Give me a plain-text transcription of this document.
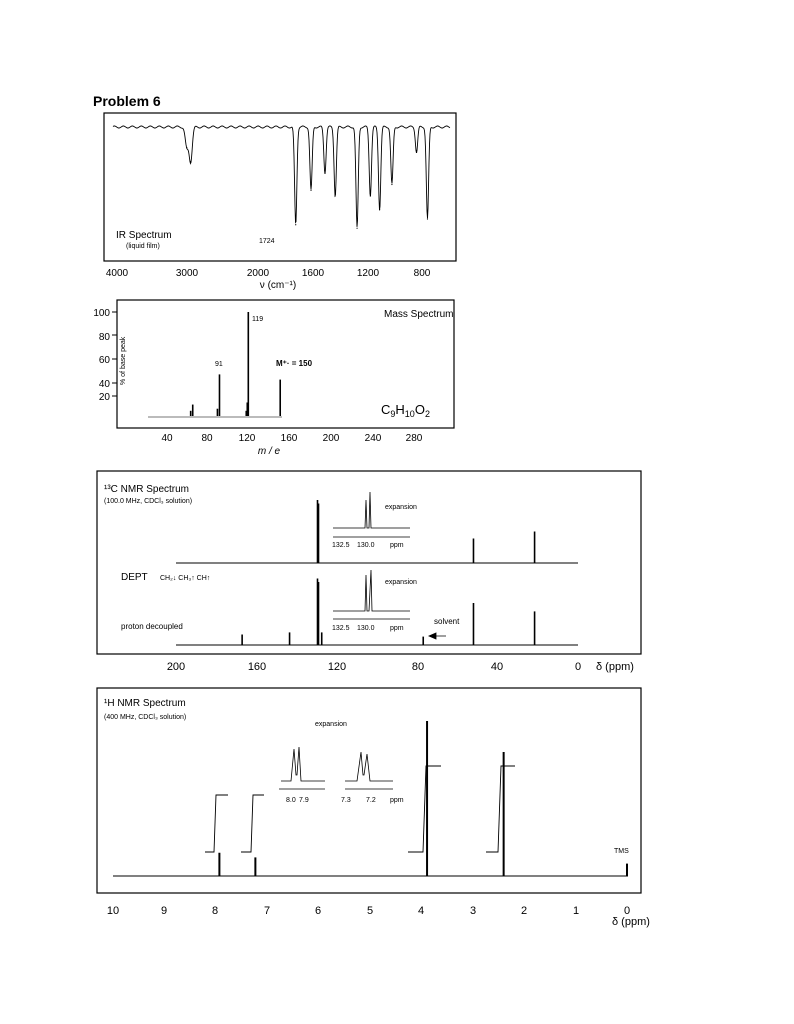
Problem 6
IR Spectrum
(liquid film)
1724
4000	3000	2000	1600	1200	800
ν (cm⁻¹)
100
80
60
40
20
% of base peak
Mass Spectrum
119
91	M⁺· = 150
$C_9H_{10}O_2$
40	80	120	160	200	240 280
m / e
¹³C NMR Spectrum
(100.0 MHz, CDCl₃ solution)
DEPT CH₂↓ CH₃↑ CH↑
proton decoupled
expansion
132.5 130.0 ppm
expansion
132.5 130.0 ppm
solvent
200	160	120	80	40	0 δ (ppm)
¹H NMR Spectrum
(400 MHz, CDCl₃ solution)
expansion
8.0 7.9	7.3 7.2 ppm
TMS
10	9	8	7	6	5	4	3	2	1	0
δ (ppm)
